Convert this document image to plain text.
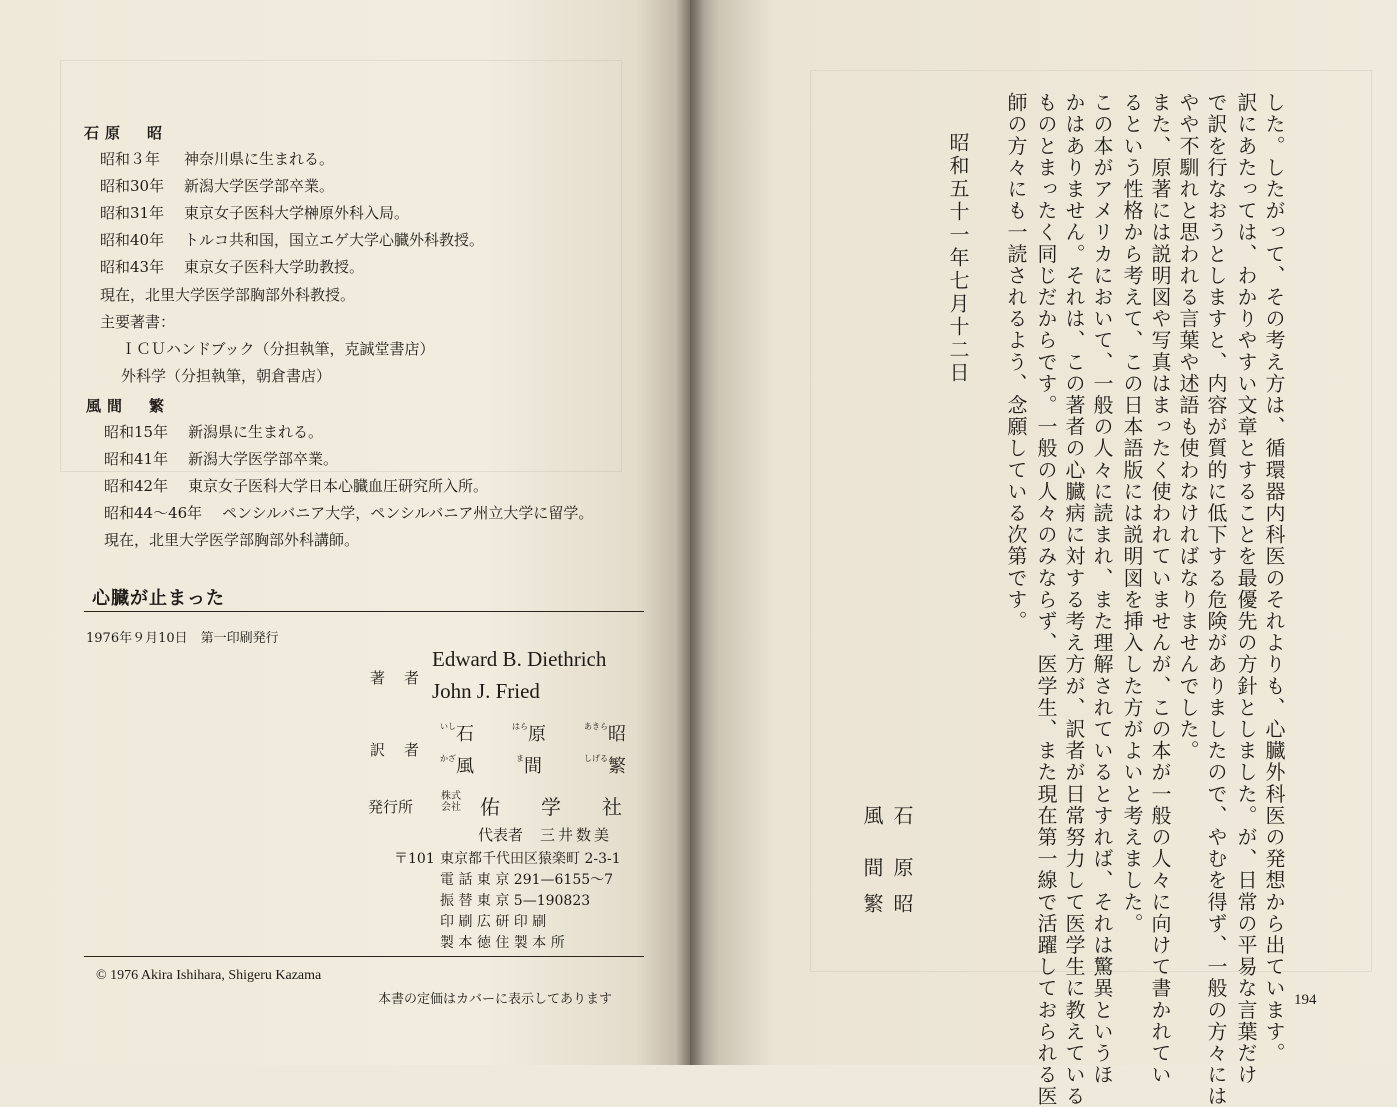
石原　昭
昭和３年 神奈川県に生まれる。
昭和30年 新潟大学医学部卒業。
昭和31年 東京女子医科大学榊原外科入局。
昭和40年 トルコ共和国，国立エゲ大学心臓外科教授。
昭和43年 東京女子医科大学助教授。
現在，北里大学医学部胸部外科教授。
主要著書：
　ＩＣＵハンドブック（分担執筆，克誠堂書店）
　外科学（分担執筆，朝倉書店）
風間　繁
昭和15年 新潟県に生まれる。
昭和41年 新潟大学医学部卒業。
昭和42年 東京女子医科大学日本心臓血圧研究所入所。
昭和44〜46年 ペンシルバニア大学，ペンシルバニア州立大学に留学。
現在，北里大学医学部胸部外科講師。
心臓が止まった
1976年９月10日　第一印刷発行
著　者
Edward B. Diethrich
John J. Fried
訳　者
$^{いし}$石	$^{はら}$原	$^{あきら}$昭
$^{かざ}$風	$^ま$間	$^{しげる}$繁
発行所
株式会社 佑 学 社
代表者 三井数美
〒101 東京都千代田区猿楽町 2-3-1
電 話 東 京 291—6155〜7
振 替 東 京 5—190823
印 刷 広 研 印 刷
製 本 徳 住 製 本 所
© 1976 Akira Ishihara, Shigeru Kazama
本書の定価はカバーに表示してあります	した。したがって、その考え方は、循環器内科医のそれよりも、心臓外科医の発想から出ています。
訳にあたっては、わかりやすい文章とすることを最優先の方針としました。が、日常の平易な言葉だけ
で訳を行なおうとしますと、内容が質的に低下する危険がありましたので、やむを得ず、一般の方々には
やや不馴れと思われる言葉や述語も使わなければなりませんでした。
また、原著には説明図や写真はまったく使われていませんが、この本が一般の人々に向けて書かれてい
るという性格から考えて、この日本語版には説明図を挿入した方がよいと考えました。
この本がアメリカにおいて、一般の人々に読まれ、また理解されているとすれば、それは驚異というほ
かはありません。それは、この著者の心臓病に対する考え方が、訳者が日常努力して医学生に教えている
ものとまったく同じだからです。一般の人々のみならず、医学生、また現在第一線で活躍しておられる医
師の方々にも一読されるよう、念願している次第です。
昭和五十一年七月十二日
石　原
昭
風　間
繁
194
